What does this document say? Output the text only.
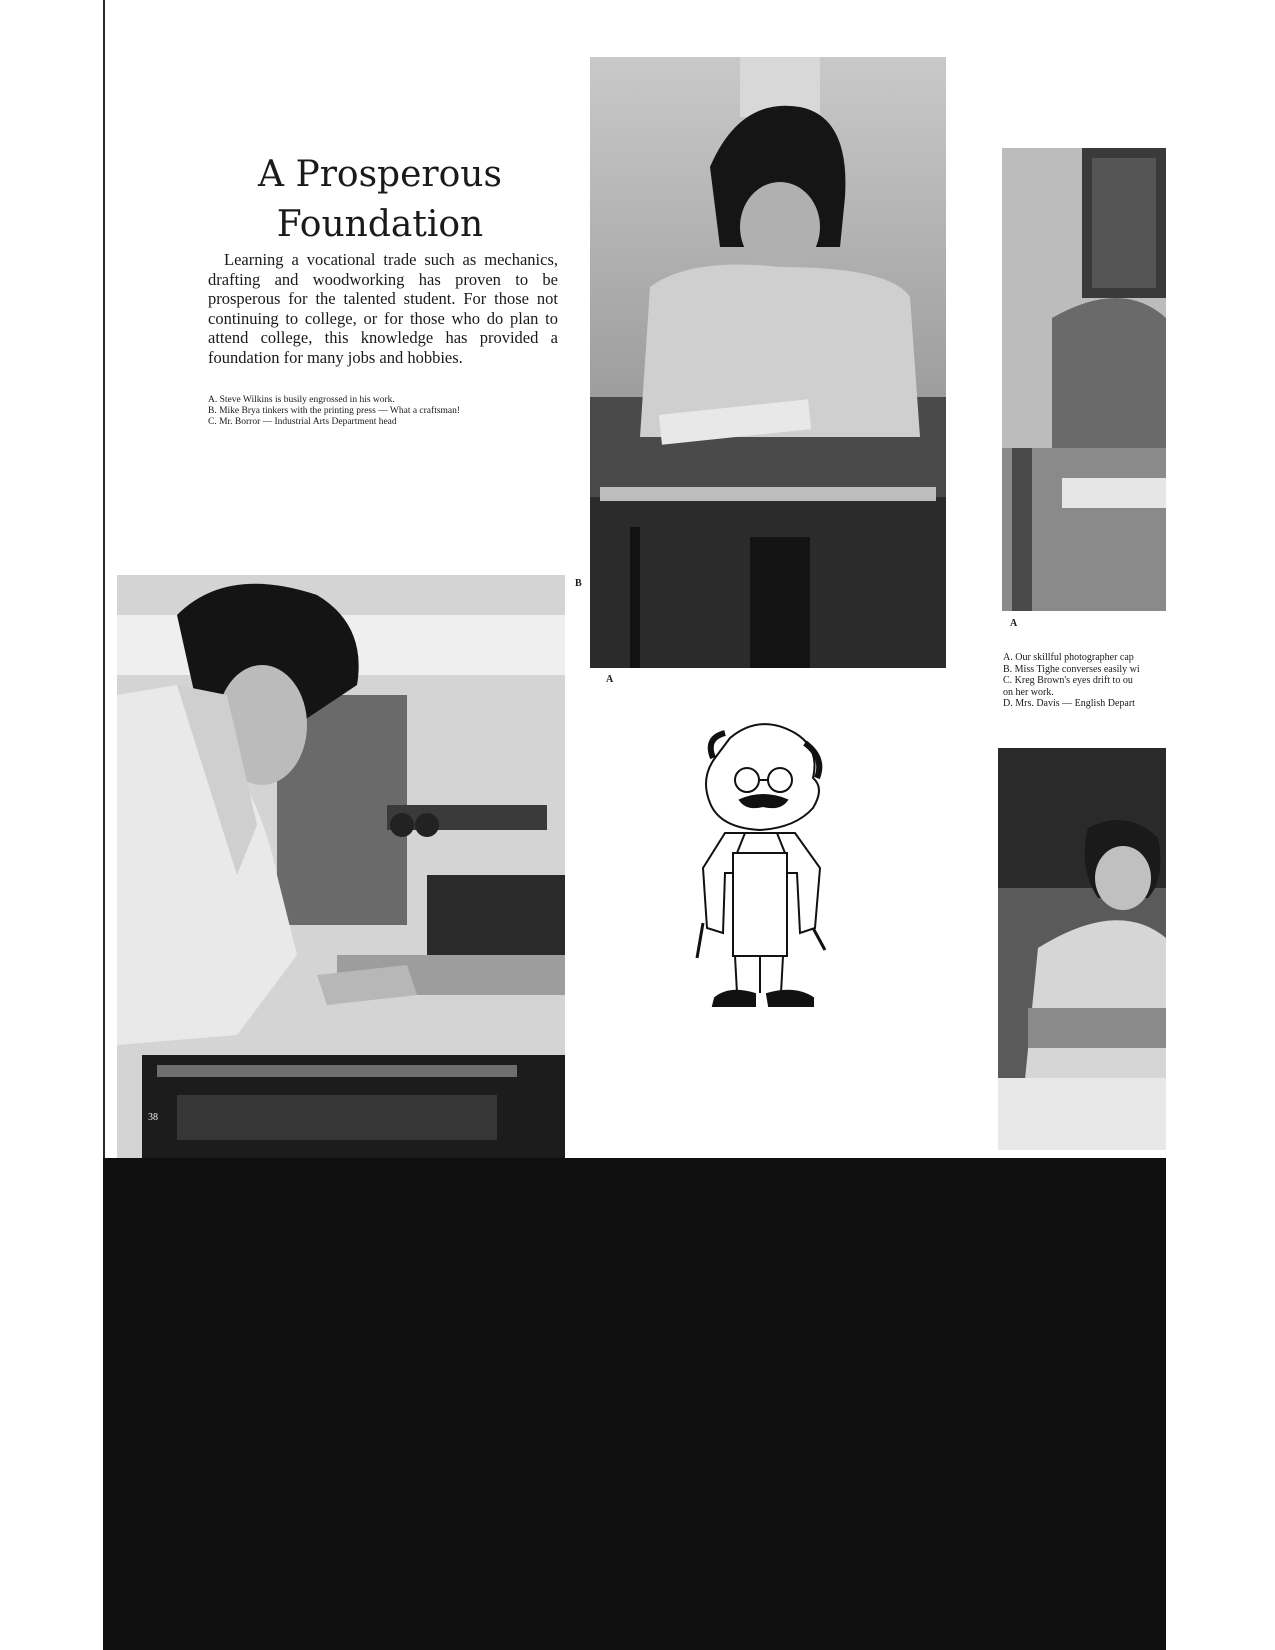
A Prosperous
Foundation
Learning a vocational trade such as mechanics, drafting and woodworking has proven to be prosperous for the talented student. For those not continuing to college, or for those who do plan to attend college, this knowledge has provided a foundation for many jobs and hobbies.
A. Steve Wilkins is busily engrossed in his work.
B. Mike Brya tinkers with the printing press — What a craftsman!
C. Mr. Borror — Industrial Arts Department head
B
A
38
A
A. Our skillful photographer cap
B. Miss Tighe converses easily wi
C. Kreg Brown's eyes drift to ou
on her work.
D. Mrs. Davis — English Depart
